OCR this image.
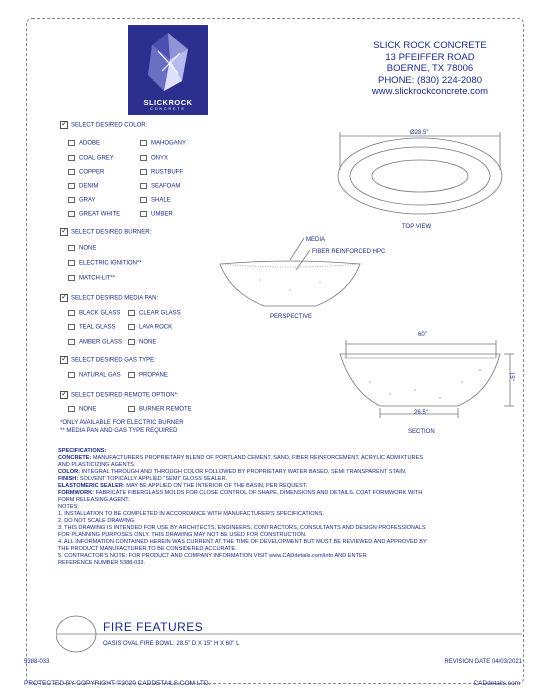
SLICKROCK
CONCRETE
SLICK ROCK CONCRETE
13 PFEIFFER ROAD
BOERNE, TX 78006
PHONE: (830) 224-2080
www.slickrockconcrete.com
✓SELECT DESIRED COLOR:
ADOBE
COAL GREY
COPPER
DENIM
GRAY
GREAT WHITE
MAHOGANY
ONYX
RUSTBUFF
SEAFOAM
SHALE
UMBER
✓SELECT DESIRED BURNER:
NONE
ELECTRIC IGNITION**
MATCH-LIT**
✓SELECT DESIRED MEDIA PAN:
BLACK GLASS
TEAL GLASS
AMBER GLASS
CLEAR GLASS
LAVA ROCK
NONE
✓SELECT DESIRED GAS TYPE:
NATURAL GAS	PROPANE
✓SELECT DESIRED REMOTE OPTION*:
NONE	BURNER REMOTE
*ONLY AVAILABLE FOR ELECTRIC BURNER
** MEDIA PAN AND GAS TYPE REQUIRED
Ø28.5"
TOP VIEW
MEDIA
FIBER REINFORCED HPC
PERSPECTIVE
60"
15"
26.5"
SECTION
SPECIFICATIONS:
CONCRETE: MANUFACTURERS PROPRIETARY BLEND OF PORTLAND CEMENT, SAND, FIBER REINFORCEMENT, ACRYLIC ADMIXTURES
AND PLASTICIZING AGENTS.
COLOR: INTEGRAL THROUGH AND THROUGH COLOR FOLLOWED BY PROPRIETARY WATER BASED, SEMI TRANSPARENT STAIN.
FINISH: SOLVENT TOPICALLY APPLIED "SEMI" GLOSS SEALER.
ELASTOMERIC SEALER: MAY BE APPLIED ON THE INTERIOR OF THE BASIN, PER REQUEST.
FORMWORK: FABRICATE FIBERGLASS MOLDS FOR CLOSE CONTROL OF SHAPE, DIMENSIONS AND DETAILS. COAT FORMWORK WITH
FORM RELEASING AGENT.
NOTES:
1. INSTALLATION TO BE COMPLETED IN ACCORDANCE WITH MANUFACTURER'S SPECIFICATIONS.
2. DO NOT SCALE DRAWING.
3. THIS DRAWING IS INTENDED FOR USE BY ARCHITECTS, ENGINEERS, CONTRACTORS, CONSULTANTS AND DESIGN PROFESSIONALS
FOR PLANNING PURPOSES ONLY. THIS DRAWING MAY NOT BE USED FOR CONSTRUCTION.
4. ALL INFORMATION CONTAINED HEREIN WAS CURRENT AT THE TIME OF DEVELOPMENT BUT MUST BE REVIEWED AND APPROVED BY
THE PRODUCT MANUFACTURER TO BE CONSIDERED ACCURATE.
5. CONTRACTOR'S NOTE: FOR PRODUCT AND COMPANY INFORMATION VISIT www.CADdetails.com/info AND ENTER
REFERENCE NUMBER 5388-033.
FIRE FEATURES
OASIS OVAL FIRE BOWL: 28.5" D X 15" H X 60" L
5388-033	REVISION DATE 04/03/2021
PROTECTED BY COPYRIGHT ©2020 CADDETAILS.COM LTD.	CADdetails.com
